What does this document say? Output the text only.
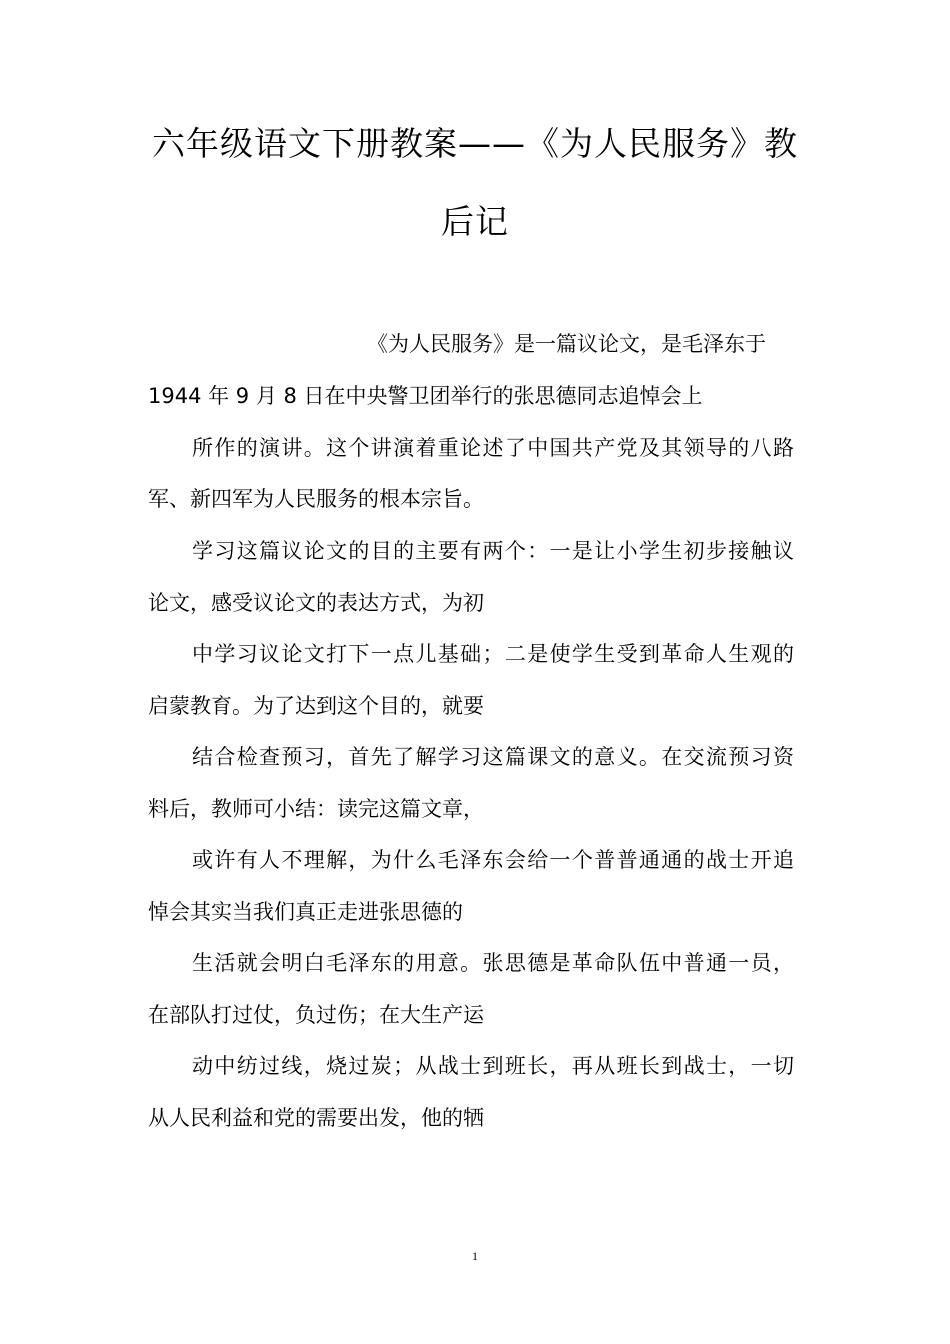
六年级语文下册教案——《为人民服务》教
后记
《为人民服务》是一篇议论文，是毛泽东于
1944 年 9 月 8 日在中央警卫团举行的张思德同志追悼会上
所作的演讲。这个讲演着重论述了中国共产党及其领导的八路
军、新四军为人民服务的根本宗旨。
学习这篇议论文的目的主要有两个：一是让小学生初步接触议
论文，感受议论文的表达方式，为初
中学习议论文打下一点儿基础；二是使学生受到革命人生观的
启蒙教育。为了达到这个目的，就要
结合检查预习，首先了解学习这篇课文的意义。在交流预习资
料后，教师可小结：读完这篇文章，
或许有人不理解，为什么毛泽东会给一个普普通通的战士开追
悼会其实当我们真正走进张思德的
生活就会明白毛泽东的用意。张思德是革命队伍中普通一员，
在部队打过仗，负过伤；在大生产运
动中纺过线，烧过炭；从战士到班长，再从班长到战士，一切
从人民利益和党的需要出发，他的牺
1
